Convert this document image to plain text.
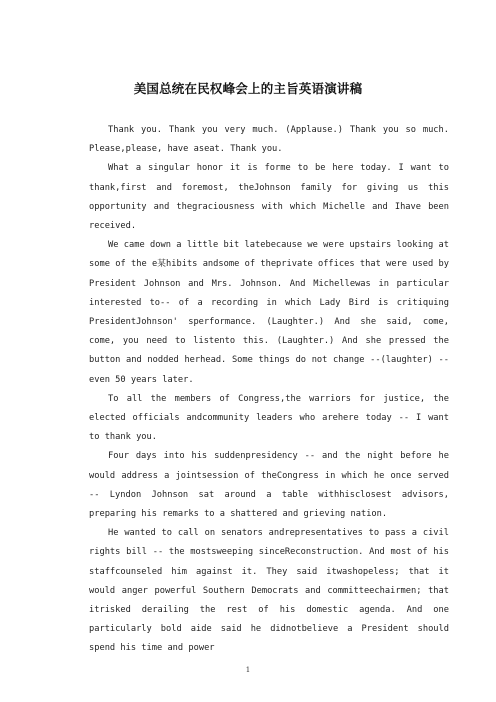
美国总统在民权峰会上的主旨英语演讲稿

Thank you. Thank you very much. (Applause.) Thank you so much. Please,please, have aseat. Thank you.

What a singular honor it is forme to be here today. I want to thank,first and foremost, theJohnson family for giving us this opportunity and thegraciousness with which Michelle and Ihave been received.

We came down a little bit latebecause we were upstairs looking at some of the e某hibits andsome of theprivate offices that were used by President Johnson and Mrs. Johnson. And Michellewas in particular interested to-- of a recording in which Lady Bird is critiquing PresidentJohnson' sperformance. (Laughter.) And she said, come, come, you need to listento this. (Laughter.) And she pressed the button and nodded herhead. Some things do not change --(laughter) -- even 50 years later.

To all the members of Congress,the warriors for justice, the elected officials andcommunity leaders who arehere today -- I want to thank you.

Four days into his suddenpresidency -- and the night before he would address a jointsession of theCongress in which he once served -- Lyndon Johnson sat around a table withhisclosest advisors, preparing his remarks to a shattered and grieving nation.

He wanted to call on senators andrepresentatives to pass a civil rights bill -- the mostsweeping sinceReconstruction. And most of his staffcounseled him against it. They said itwashopeless; that it would anger powerful Southern Democrats and committeechairmen; that itrisked derailing the rest of his domestic agenda. And one particularly bold aide said he didnotbelieve a President should spend his time and power

1
